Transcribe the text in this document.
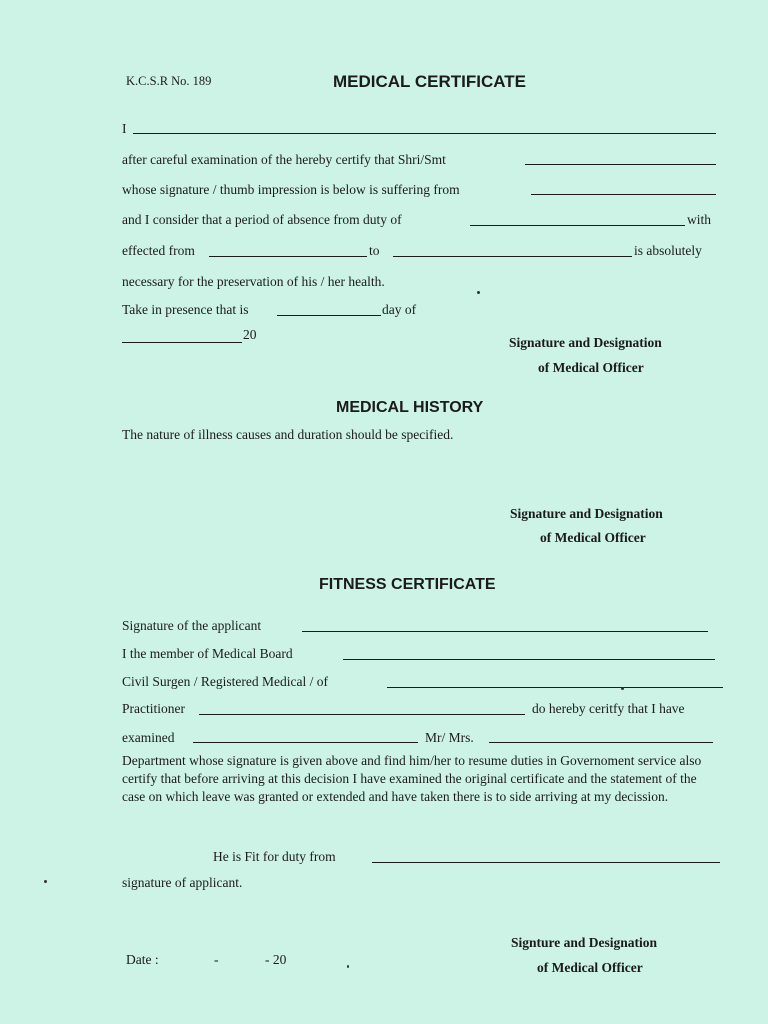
K.C.S.R No. 189	MEDICAL CERTIFICATE
I
after careful examination of the hereby certify that Shri/Smt
whose signature / thumb impression is below is suffering from
and I consider that a period of absence from duty of	with
effected from	to	is absolutely
necessary for the preservation of his / her health.
Take in presence that is	day of
20
Signature and Designation
of Medical Officer
MEDICAL HISTORY
The nature of illness causes and duration should be specified.
Signature and Designation
of Medical Officer
FITNESS CERTIFICATE
Signature of the applicant
I the member of Medical Board
Civil Surgen / Registered Medical / of
Practitioner	do hereby ceritfy that I have
examined	Mr/ Mrs.
Department whose signature is given above and find him/her to resume duties in Governoment service also certify that before arriving at this decision I have examined the original certificate and the statement of the case on which leave was granted or extended and have taken there is to side arriving at my decission.
He is Fit for duty from
signature of applicant.
Date :	-	- 20
Signture and Designation
of Medical Officer
